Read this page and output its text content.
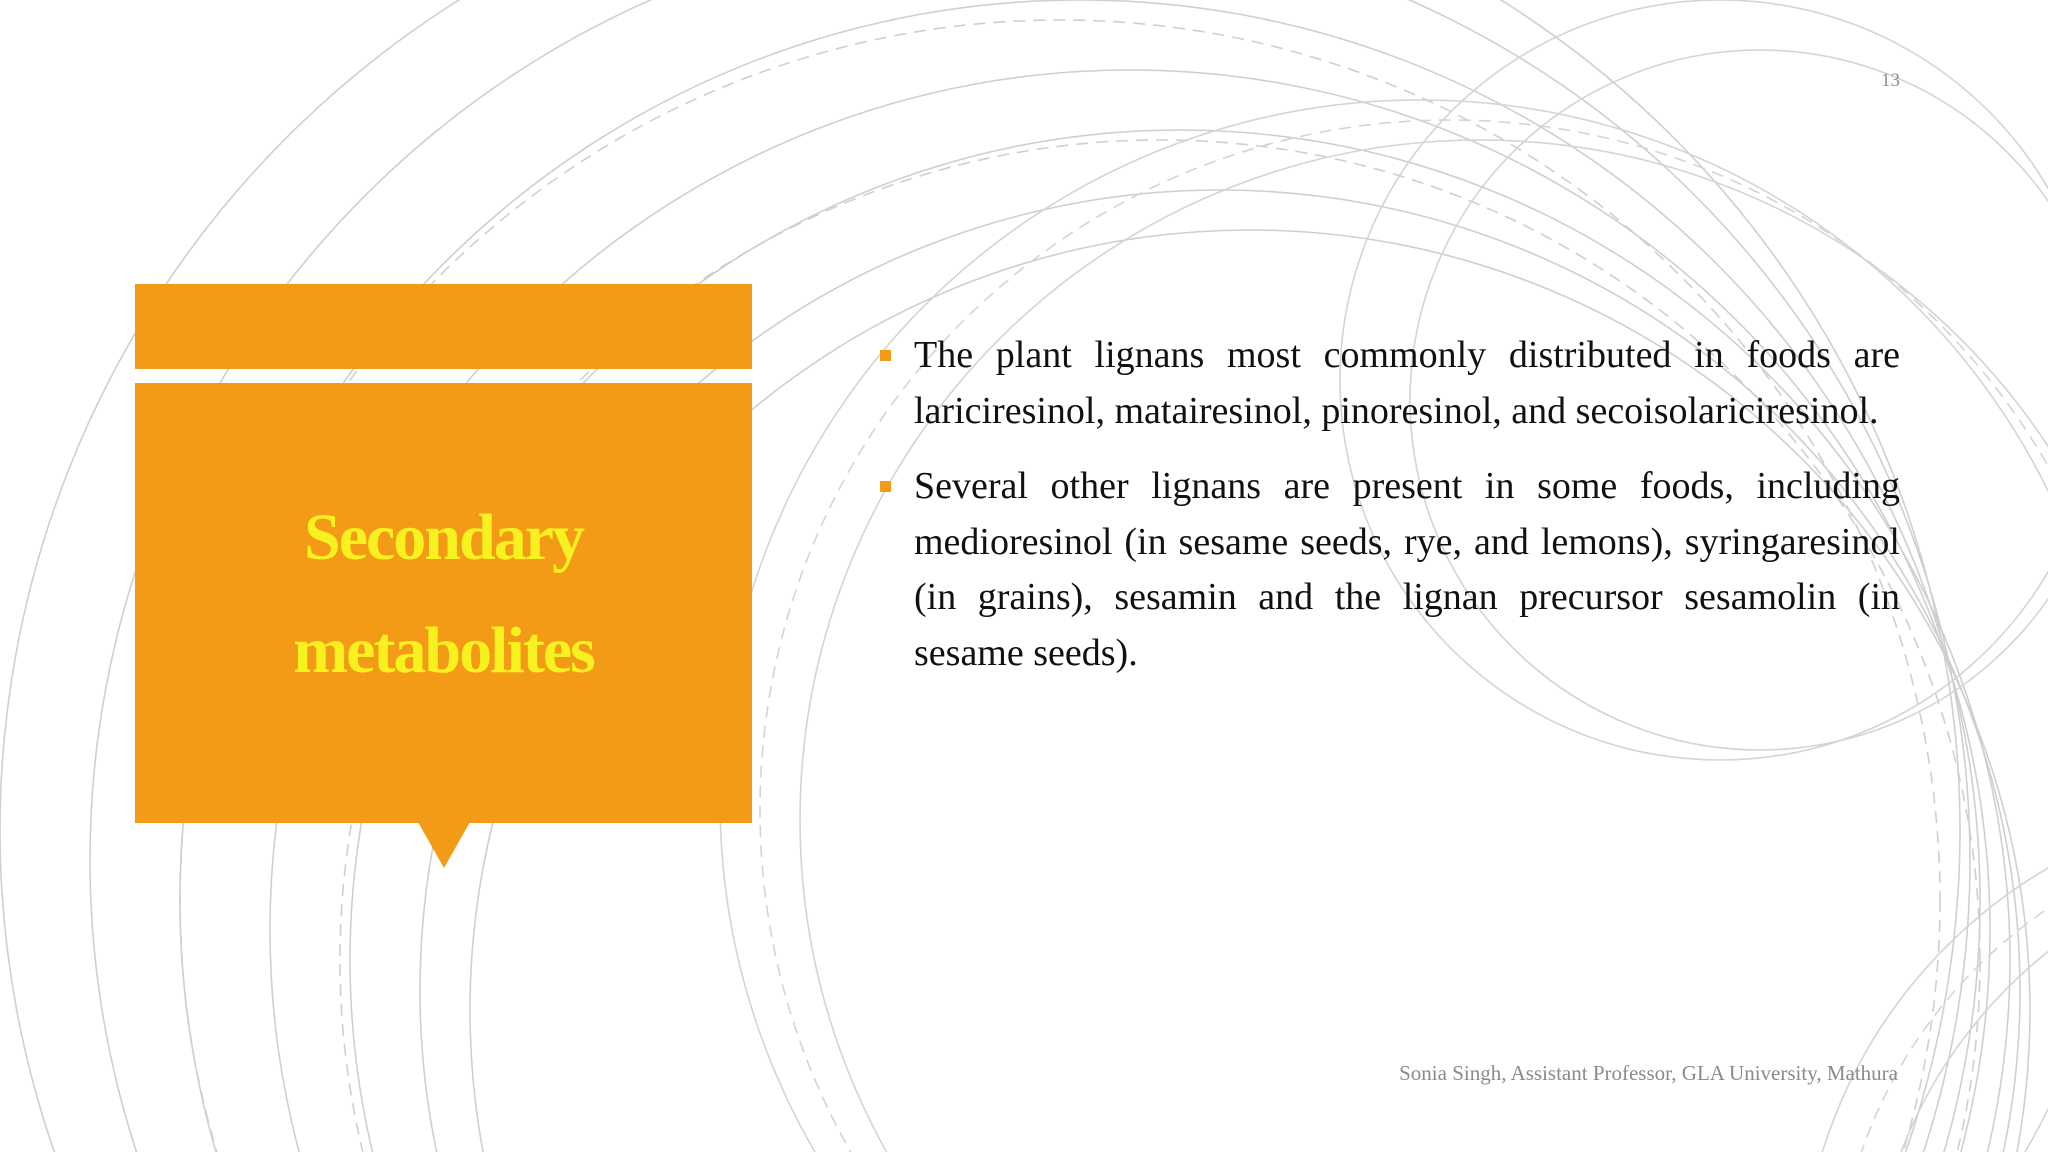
Secondary
metabolites
13
The plant lignans most commonly distributed in foods are lariciresinol, matairesinol, pinoresinol, and secoisolariciresinol.
Several other lignans are present in some foods, including medioresinol (in sesame seeds, rye, and lemons), syringaresinol (in grains), sesamin and the lignan precursor sesamolin (in sesame seeds).
Sonia Singh, Assistant Professor, GLA University, Mathura
